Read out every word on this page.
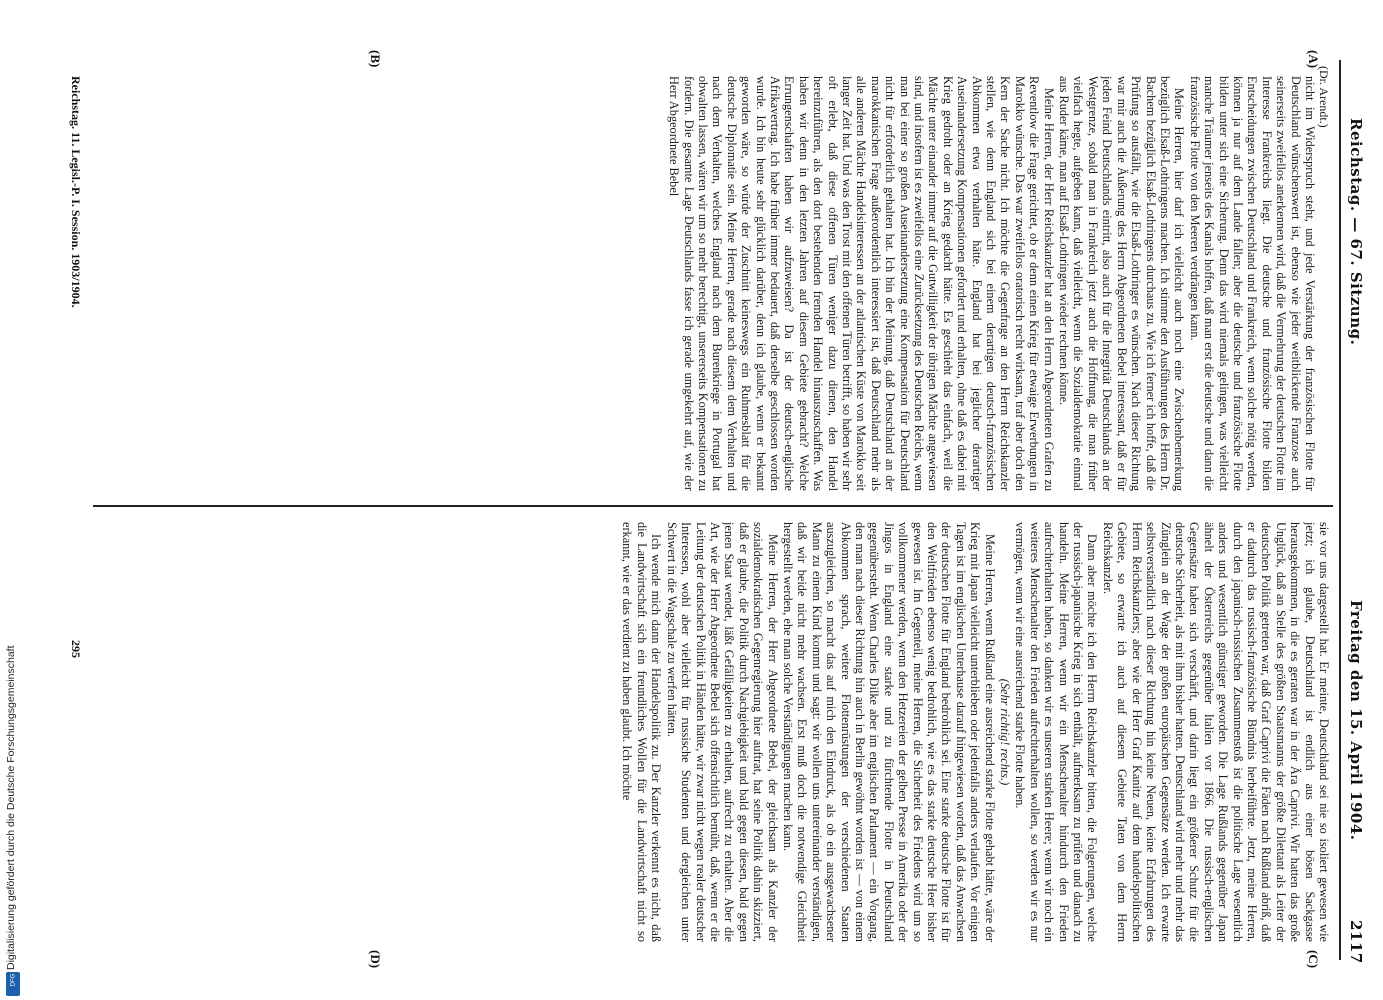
Digitalisierung gefördert durch die Deutsche Forschungsgemeinschaft
DFG
Reichstag. — 67. Sitzung.
Freitag den 15. April 1904.
2117
(Dr. Arendt.)
(A)
(B)
(C)
(D)

nicht im Widerspruch steht, und jede Verstärkung der französischen Flotte für Deutschland wünschenswert ist, ebenso wie jeder weitblickende Franzose auch seinerseits zweifellos anerkennen wird, daß die Vermehrung der deutschen Flotte im Interesse Frankreichs liegt. Die deutsche und französische Flotte bilden Entscheidungen zwischen Deutschland und Frankreich, wenn solche nötig werden, können ja nur auf dem Lande fallen; aber die deutsche und französische Flotte bilden unter sich eine Sicherung. Denn das wird niemals gelingen, was vielleicht manche Träumer jenseits des Kanals hoffen, daß man erst die deutsche und dann die französische Flotte von den Meeren verdrängen kann.

Meine Herren, hier darf ich vielleicht auch noch eine Zwischenbemerkung bezüglich Elsaß-Lothringens machen. Ich stimme den Ausführungen des Herrn Dr. Bachem bezüglich Elsaß-Lothringens durchaus zu. Wie ich ferner ich hoffe, daß die Prüfung so ausfällt, wie die Elsaß-Lothringer es wünschen. Nach dieser Richtung war mir auch die Äußerung des Herrn Abgeordneten Bebel interessant, daß er für jeden Feind Deutschlands eintritt, also auch für die Integrität Deutschlands an der Westgrenze, sobald man in Frankreich jetzt auch die Hoffnung, die man früher vielfach hegte, aufgeben kann, daß vielleicht, wenn die Sozialdemokratie einmal aus Ruder käme, man auf Elsaß-Lothringen wieder rechnen könne.

Meine Herren, der Herr Reichskanzler hat an den Herrn Abgeordneten Grafen zu Reventlow die Frage gerichtet, ob er denn einen Krieg für etwaige Erwerbungen in Marokko wünsche. Das war zweifellos oratorisch recht wirksam, traf aber doch den Kern der Sache nicht. Ich möchte die Gegenfrage an den Herrn Reichskanzler stellen, wie denn England sich bei einem derartigen deutsch-französischen Abkommen etwa verhalten hätte. England hat bei jeglicher derartiger Auseinandersetzung Kompensationen gefordert und erhalten, ohne daß es dabei mit Krieg gedroht oder an Krieg gedacht hätte. Es geschieht das einfach, weil die Mächte unter einander immer auf die Gutwilligkeit der übrigen Mächte angewiesen sind, und insofern ist es zweifellos eine Zurücksetzung des Deutschen Reichs, wenn man bei einer so großen Auseinandersetzung eine Kompensation für Deutschland nicht für erforderlich gehalten hat. Ich bin der Meinung, daß Deutschland an der marokkanischen Frage außerordentlich interessiert ist, daß Deutschland mehr als alle anderen Mächte Handelsinteressen an der atlantischen Küste von Marokko seit langer Zeit hat. Und was den Trost mit den offenen Türen betrifft, so haben wir sehr oft erlebt, daß diese offenen Türen weniger dazu dienen, den Handel hereinzuführen, als den dort bestehenden fremden Handel hinauszuschaffen. Was haben wir denn in den letzten Jahren auf diesem Gebiete gebracht? Welche Errungenschaften haben wir aufzuweisen? Da ist der deutsch-englische Afrikavertrag. Ich habe früher immer bedauert, daß derselbe geschlossen worden wurde. Ich bin heute sehr glücklich darüber, denn ich glaube, wenn er bekannt geworden wäre, so würde der Zuschnitt keineswegs ein Ruhmesblatt für die deutsche Diplomatie sein. Meine Herren, gerade nach diesem dem Verhalten und nach dem Verhalten, welches England nach dem Burenkriege in Portugal hat obwalten lassen, wären wir um so mehr berechtigt, unsererseits Kompensationen zu fordern. Die gesamte Lage Deutschlands fasse ich gerade umgekehrt auf, wie der Herr Abgeordnete Bebel

sie vor uns dargestellt hat. Er meinte, Deutschland sei nie so isoliert gewesen wie jetzt; ich glaube, Deutschland ist endlich aus einer bösen Sackgasse herausgekommen, in die es geraten war in der Ära Caprivi. Wir hatten das große Unglück, daß an Stelle des größten Staatsmanns der größte Dilettant als Leiter der deutschen Politik getreten war, daß Graf Caprivi die Fäden nach Rußland abriß, daß er dadurch das russisch-französische Bündnis herbeiführte. Jetzt, meine Herren, durch den japanisch-russischen Zusammenstoß ist die politische Lage wesentlich anders und wesentlich günstiger geworden. Die Lage Rußlands gegenüber Japan ähnelt der Österreichs gegenüber Italien vor 1866. Die russisch-englischen Gegensätze haben sich verschärft, und darin liegt ein größerer Schutz für die deutsche Sicherheit, als mit ihm bisher hatten. Deutschland wird mehr und mehr das Zünglein an der Wage der großen europäischen Gegensätze werden. Ich erwarte selbstverständlich nach dieser Richtung hin keine Neuen, keine Erfahrungen des Herrn Reichskanzlers; aber wie der Herr Graf Kanitz auf dem handelspolitischen Gebiete, so erwarte ich auch auf diesem Gebiete Taten von dem Herrn Reichskanzler.

Dann aber möchte ich den Herrn Reichskanzler bitten, die Folgerungen, welche der russisch-japanische Krieg in sich enthält, aufmerksam zu prüfen und danach zu handeln. Meine Herren, wenn wir ein Menschenalter hindurch den Frieden aufrechterhalten haben, so danken wir es unseren starken Heere; wenn wir noch ein weiteres Menschenalter den Frieden aufrechterhalten wollen, so werden wir es nur vermögen, wenn wir eine ausreichend starke Flotte haben.

(Sehr richtig! rechts.)

Meine Herren, wenn Rußland eine ausreichend starke Flotte gehabt hätte, wäre der Krieg mit Japan vielleicht unterblieben oder jedenfalls anders verlaufen. Vor einigen Tagen ist im englischen Unterhause darauf hingewiesen worden, daß das Anwachsen der deutschen Flotte für England bedrohlich sei. Eine starke deutsche Flotte ist für den Weltfrieden ebenso wenig bedrohlich, wie es das starke deutsche Heer bisher gewesen ist. Im Gegenteil, meine Herren, die Sicherheit des Friedens wird um so vollkommener werden, wenn den Hetzereien der gelben Presse in Amerika oder der Jingos in England eine starke und zu fürchtende Flotte in Deutschland gegenübersteht. Wenn Charles Dilke aber im englischen Parlament — ein Vorgang, den man nach dieser Richtung hin auch in Berlin gewöhnt worden ist — von einem Abkommen sprach, weitere Flottenrüstungen der verschiedenen Staaten auszugleichen, so macht das auf mich den Eindruck, als ob ein ausgewachsener Mann zu einem Kind kommt und sagt: wir wollen uns untereinander verständigen, daß wir beide nicht mehr wachsen. Erst muß doch die notwendige Gleichheit hergestellt werden, ehe man solche Verständigungen machen kann.

Meine Herren, der Herr Abgeordnete Bebel, der gleichsam als Kanzler der sozialdemokratischen Gegenregierung hier auftrat, hat seine Politik dahin skizziert, daß er glaube, die Politik durch Nachgiebigkeit und bald gegen diesen, bald gegen jenen Staat wendet, läßt Gefälligkeiten zu erhalten, aufrecht zu erhalten. Aber die Art, wie der Herr Abgeordnete Bebel sich offensichtlich bemüht, daß, wenn er die Leitung der deutschen Politik in Händen hätte, wir zwar nicht wegen realer deutscher Interessen, wohl aber vielleicht für russische Studenten und dergleichen unter Schwert in die Wagschale zu werfen hätten.

Ich wende mich dann der Handelspolitik zu. Der Kanzler verkennt es nicht, daß die Landwirtschaft sich ein freundliches Wollen für die Landwirtschaft nicht so erkannt, wie er das verdient zu haben glaubt. Ich möchte

Reichstag. 11. Legisl.-P. I. Session. 1903/1904.
295
